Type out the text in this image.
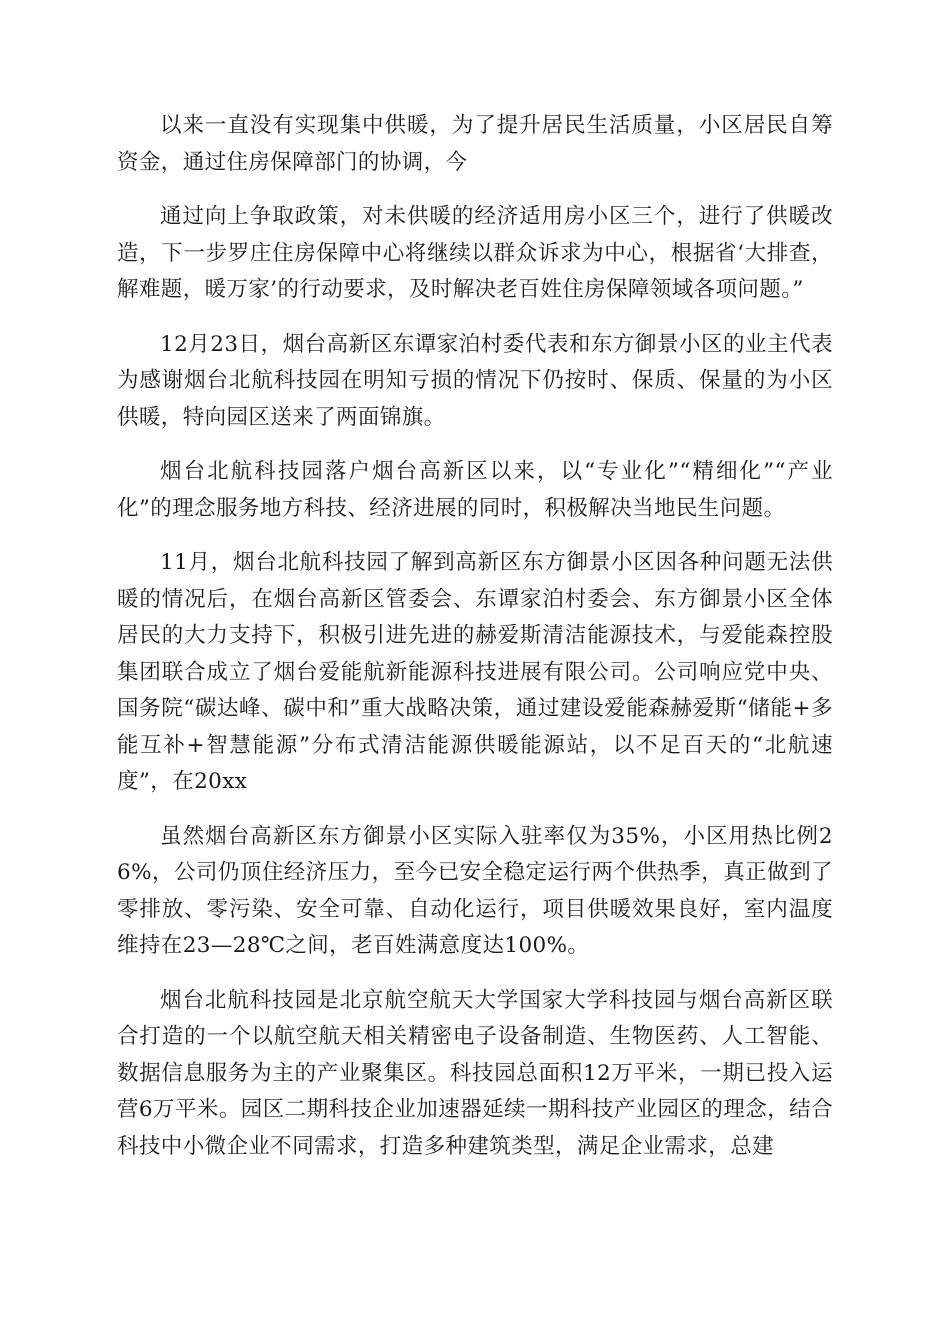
以来一直没有实现集中供暖，为了提升居民生活质量，小区居民自筹资金，通过住房保障部门的协调，今

通过向上争取政策，对未供暖的经济适用房小区三个，进行了供暖改造，下一步罗庄住房保障中心将继续以群众诉求为中心，根据省‘大排查，解难题，暖万家’的行动要求，及时解决老百姓住房保障领域各项问题。”

12月23日，烟台高新区东谭家泊村委代表和东方御景小区的业主代表为感谢烟台北航科技园在明知亏损的情况下仍按时、保质、保量的为小区供暖，特向园区送来了两面锦旗。

烟台北航科技园落户烟台高新区以来，以“专业化”“精细化”“产业化”的理念服务地方科技、经济进展的同时，积极解决当地民生问题。

11月，烟台北航科技园了解到高新区东方御景小区因各种问题无法供暖的情况后，在烟台高新区管委会、东谭家泊村委会、东方御景小区全体居民的大力支持下，积极引进先进的赫爱斯清洁能源技术，与爱能森控股集团联合成立了烟台爱能航新能源科技进展有限公司。公司响应党中央、国务院“碳达峰、碳中和”重大战略决策，通过建设爱能森赫爱斯“储能+多能互补+智慧能源”分布式清洁能源供暖能源站，以不足百天的“北航速度”，在20xx

虽然烟台高新区东方御景小区实际入驻率仅为35%，小区用热比例26%，公司仍顶住经济压力，至今已安全稳定运行两个供热季，真正做到了零排放、零污染、安全可靠、自动化运行，项目供暖效果良好，室内温度维持在23—28℃之间，老百姓满意度达100%。

烟台北航科技园是北京航空航天大学国家大学科技园与烟台高新区联合打造的一个以航空航天相关精密电子设备制造、生物医药、人工智能、数据信息服务为主的产业聚集区。科技园总面积12万平米，一期已投入运营6万平米。园区二期科技企业加速器延续一期科技产业园区的理念，结合科技中小微企业不同需求，打造多种建筑类型，满足企业需求，总建
